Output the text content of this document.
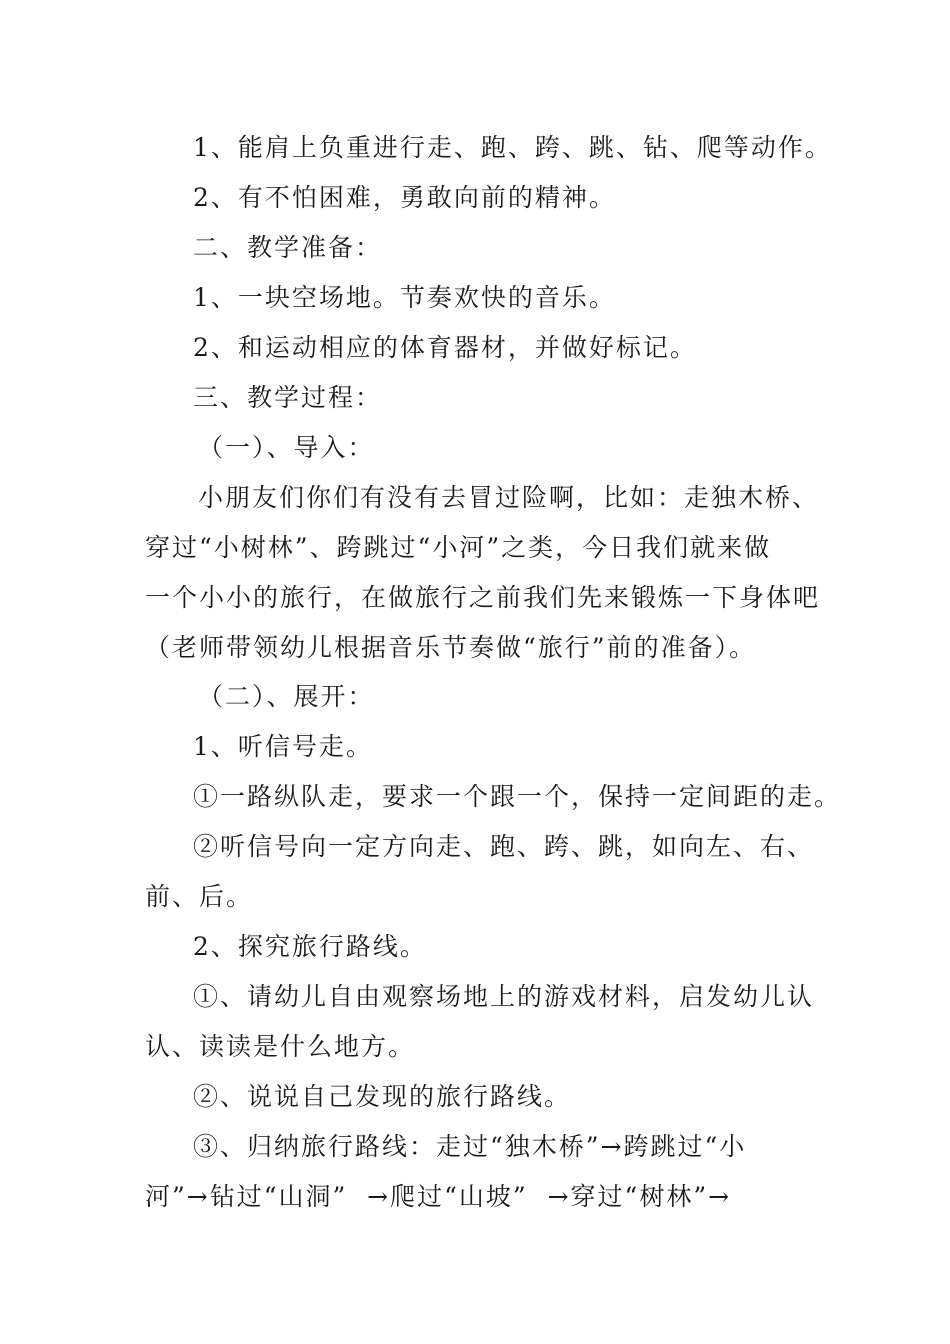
1、能肩上负重进行走、跑、跨、跳、钻、爬等动作。
2、有不怕困难，勇敢向前的精神。
二、教学准备：
1、一块空场地。节奏欢快的音乐。
2、和运动相应的体育器材，并做好标记。
三、教学过程：
（一）、导入：
小朋友们你们有没有去冒过险啊，比如：走独木桥、
穿过“小树林”、跨跳过“小河”之类，今日我们就来做
一个小小的旅行，在做旅行之前我们先来锻炼一下身体吧
（老师带领幼儿根据音乐节奏做“旅行”前的准备）。
（二）、展开：
1、听信号走。
①一路纵队走，要求一个跟一个，保持一定间距的走。
②听信号向一定方向走、跑、跨、跳，如向左、右、
前、后。
2、探究旅行路线。
①、请幼儿自由观察场地上的游戏材料，启发幼儿认
认、读读是什么地方。
②、说说自己发现的旅行路线。
③、归纳旅行路线：走过“独木桥”→跨跳过“小
河”→钻过“山洞”  →爬过“山坡”  →穿过“树林”→
